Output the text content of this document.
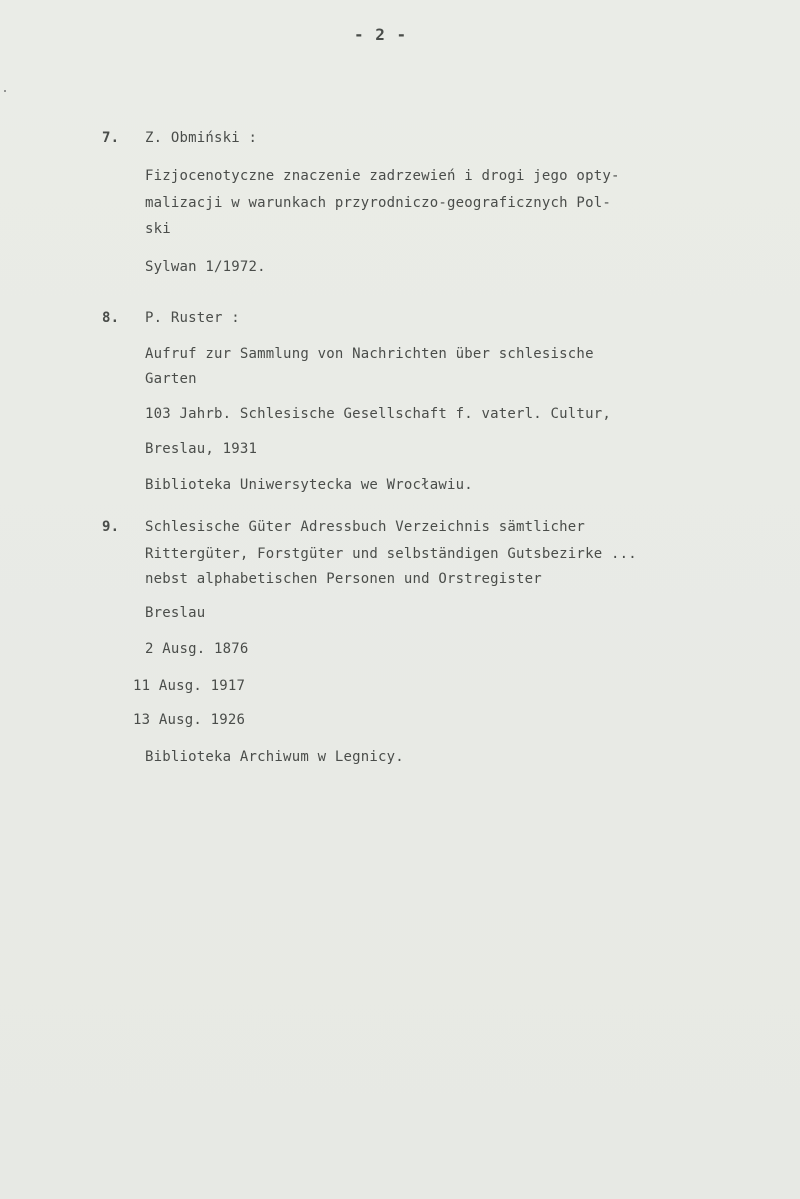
- 2 -
7. Z. Obmiński :
Fizjocenotyczne znaczenie zadrzewień i drogi jego opty-
malizacji w warunkach przyrodniczo-geograficznych Pol-
ski
Sylwan 1/1972.
8. P. Ruster :
Aufruf zur Sammlung von Nachrichten über schlesische
Garten
103 Jahrb. Schlesische Gesellschaft f. vaterl. Cultur,
Breslau, 1931
Biblioteka Uniwersytecka we Wrocławiu.
9. Schlesische Güter Adressbuch Verzeichnis sämtlicher
Rittergüter, Forstgüter und selbständigen Gutsbezirke ...
nebst alphabetischen Personen und Orstregister
Breslau
2 Ausg. 1876
11 Ausg. 1917
13 Ausg. 1926
Biblioteka Archiwum w Legnicy.
